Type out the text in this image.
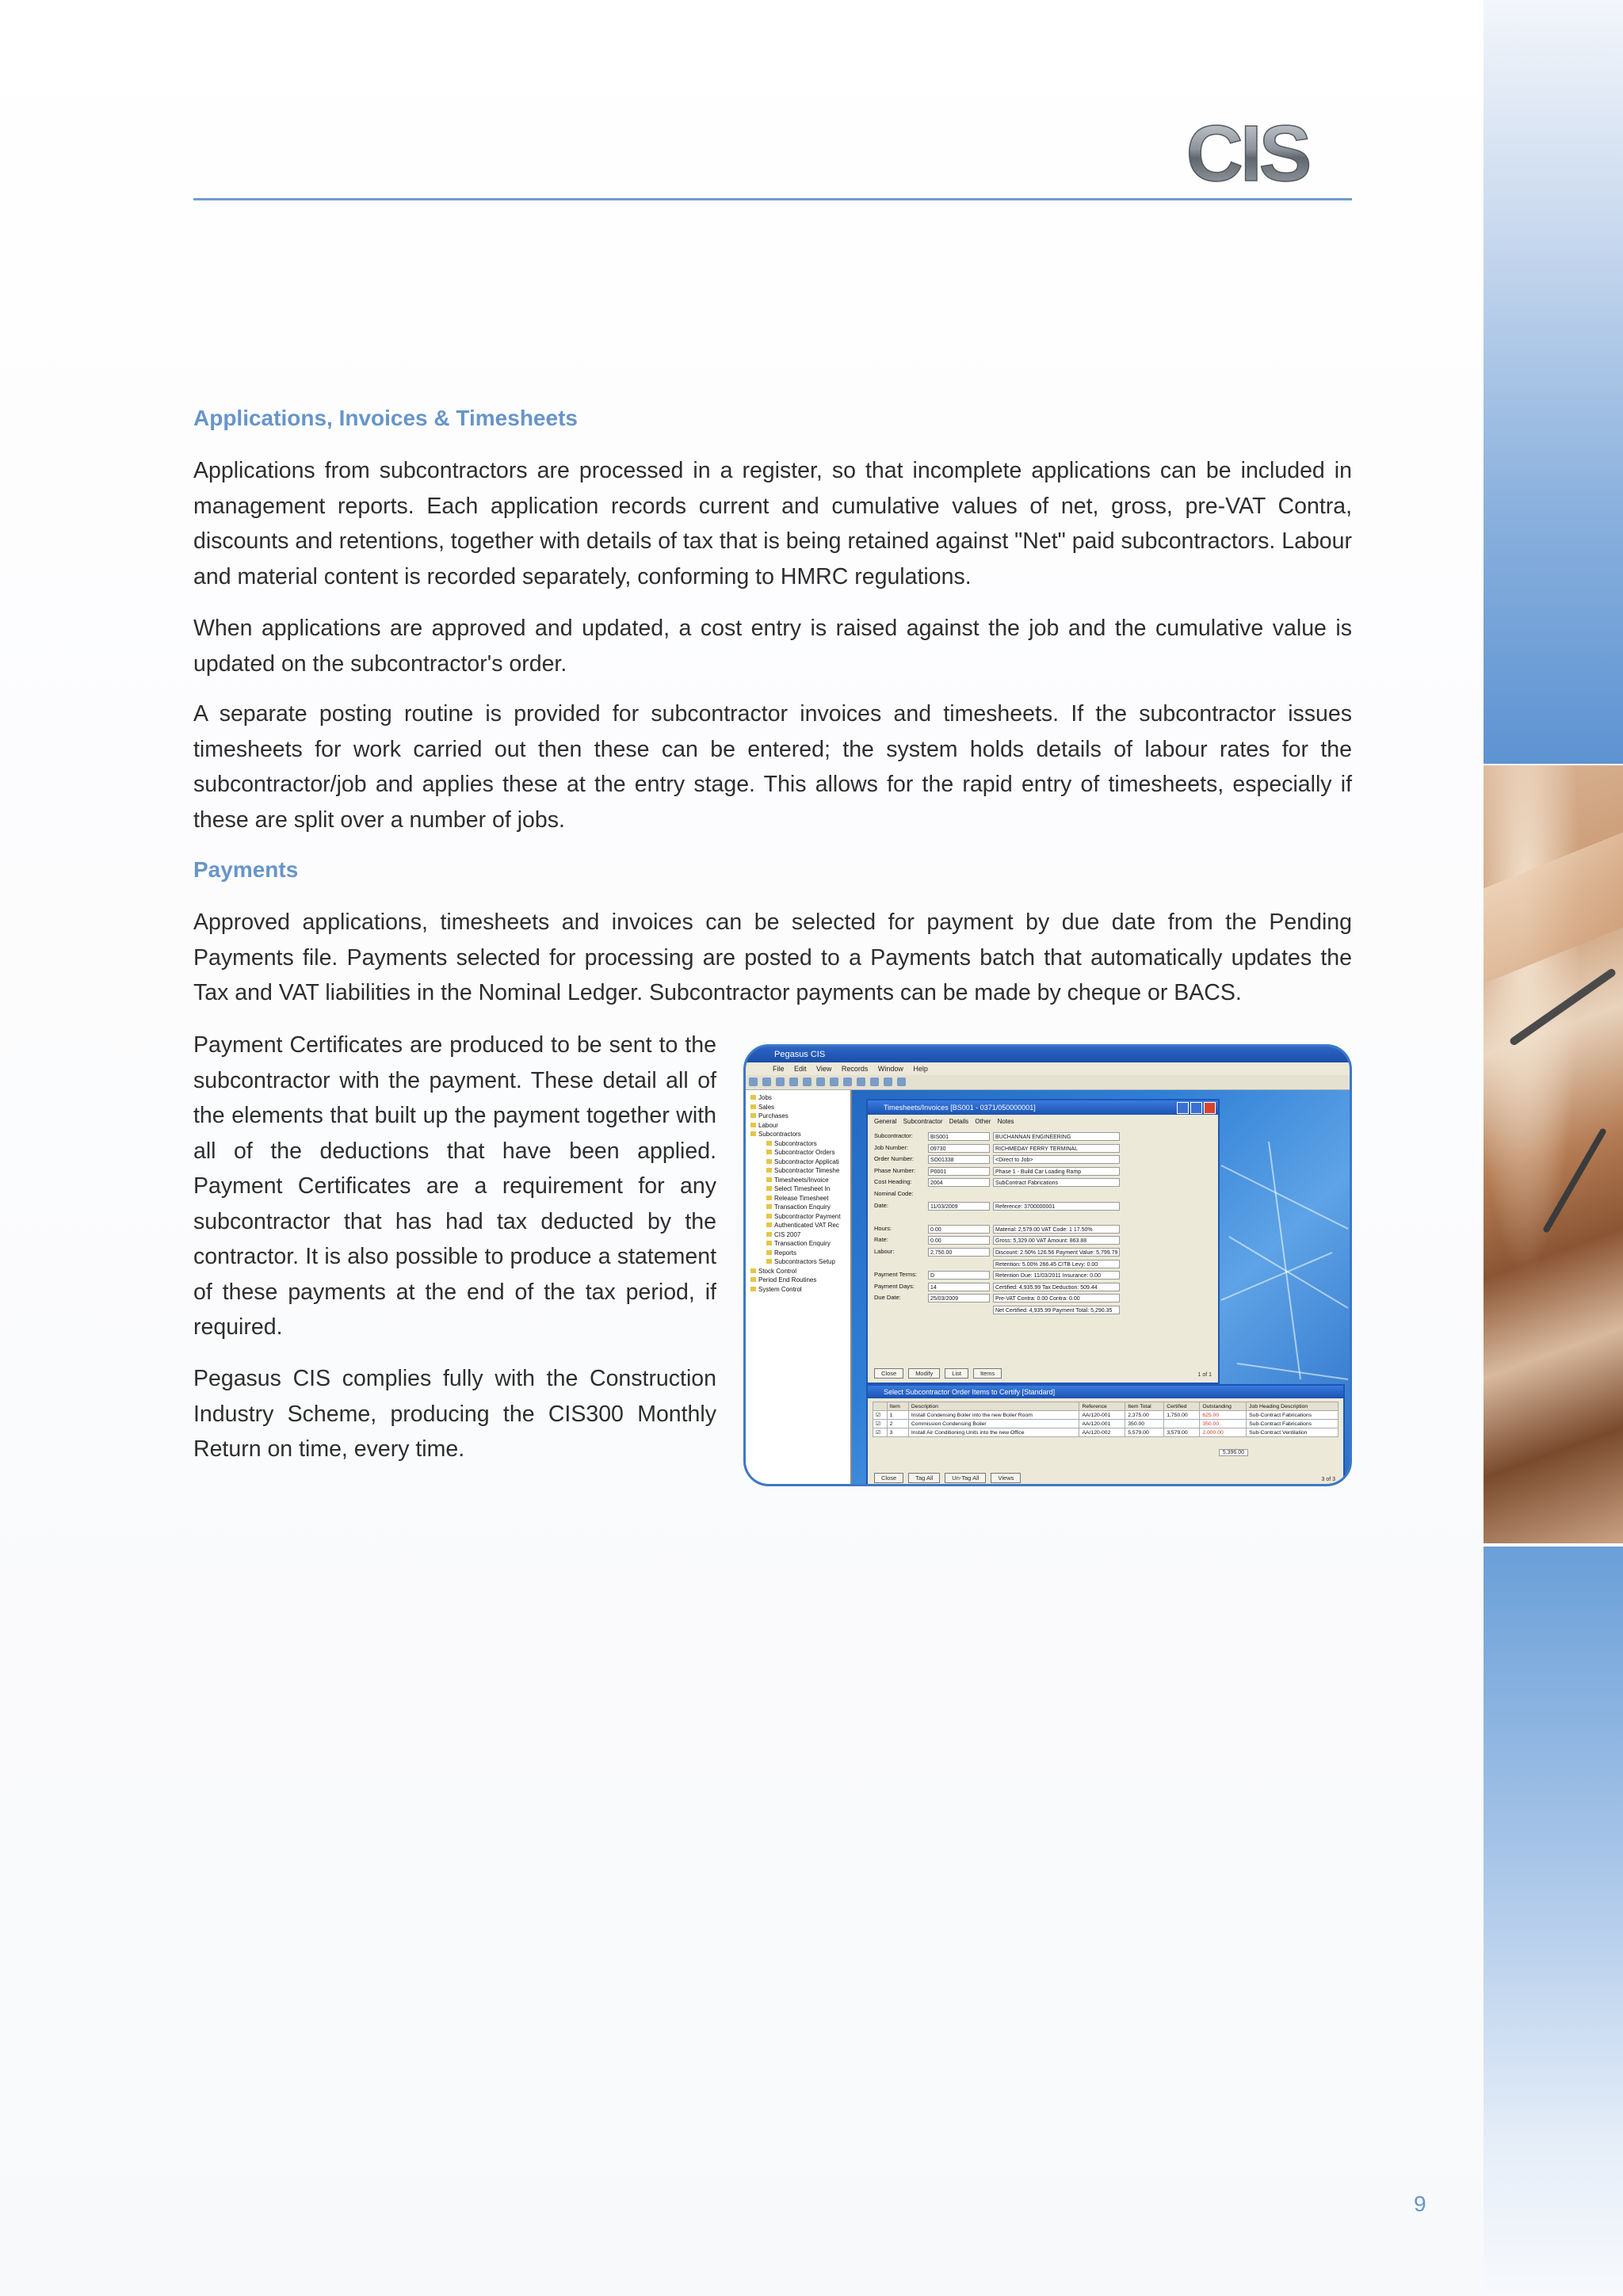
CIS
Applications, Invoices & Timesheets

Applications from subcontractors are processed in a register, so that incomplete applications can be included in management reports. Each application records current and cumulative values of net, gross, pre-VAT Contra, discounts and retentions, together with details of tax that is being retained against "Net" paid subcontractors. Labour and material content is recorded separately, conforming to HMRC regulations.

When applications are approved and updated, a cost entry is raised against the job and the cumulative value is updated on the subcontractor's order.

A separate posting routine is provided for subcontractor invoices and timesheets. If the subcontractor issues timesheets for work carried out then these can be entered; the system holds details of labour rates for the subcontractor/job and applies these at the entry stage. This allows for the rapid entry of timesheets, especially if these are split over a number of jobs.

Payments

Approved applications, timesheets and invoices can be selected for payment by due date from the Pending Payments file. Payments selected for processing are posted to a Payments batch that automatically updates the Tax and VAT liabilities in the Nominal Ledger. Subcontractor payments can be made by cheque or BACS.

Payment Certificates are produced to be sent to the subcontractor with the payment. These detail all of the elements that built up the payment together with all of the deductions that have been applied. Payment Certificates are a requirement for any subcontractor that has had tax deducted by the contractor. It is also possible to produce a statement of these payments at the end of the tax period, if required.

Pegasus CIS complies fully with the Construction Industry Scheme, producing the CIS300 Monthly Return on time, every time.

Pegasus CIS
File Edit View Records Window Help
Jobs
Sales
Purchases
Labour
Subcontractors
Subcontractors
Subcontractor Orders
Subcontractor Applicati
Subcontractor Timeshe
Timesheets/Invoice
Select Timesheet In
Release Timesheet
Transaction Enquiry
Subcontractor Payment
Authenticated VAT Rec
CIS 2007
Transaction Enquiry
Reports
Subcontractors Setup
Stock Control
Period End Routines
System Control
Timesheets/Invoices [BS001 - 0371/050000001]
General Subcontractor Details Other Notes
Subcontractor:	BIS001	BUCHANNAN ENGINEERING
Job Number:	09730	RICHMEDAY FERRY TERMINAL
Order Number:	SO01338	<Direct to Job>
Phase Number:	P0001	Phase 1 - Build Car Loading Ramp
Cost Heading:	2004	SubContract Fabrications
Nominal Code:
Date:	11/03/2009	Reference: 3700000001
Hours:	0.00	Material: 2,579.00 VAT Code: 1 17.50%
Rate:	0.00	Gross: 5,329.00 VAT Amount: 863.88
Labour:	2,750.00	Discount: 2.50% 126.56 Payment Value: 5,799.79
Retention: 5.00% 266.45 CITB Levy: 0.00
Payment Terms:	D	Retention Due: 11/03/2011 Insurance: 0.00
Payment Days:	14	Certified: 4,935.99 Tax Deduction: 509.44
Due Date:	25/03/2009	Pre-VAT Contra: 0.00 Contra: 0.00
Net Certified: 4,935.99 Payment Total: 5,290.35
Close	Modify	List	Items	1 of 1
Select Subcontractor Order Items to Certify [Standard]
	Item	Description	Reference	Item Total	Certified	Outstanding	Job Heading Description
☑	1	Install Condensing Boiler into the new Boiler Room	AA/120-001	2,375.00	1,750.00	625.00	Sub-Contract Fabrications
☑	2	Commission Condensing Boiler	AA/120-001	350.00		350.00	Sub-Contract Fabrications
☑	3	Install Air Conditioning Units into the new Office	AA/120-002	5,579.00	3,579.00	2,000.00	Sub-Contract Ventilation
5,396.00
Close	Tag All	Un-Tag All	Views	3 of 3
9
